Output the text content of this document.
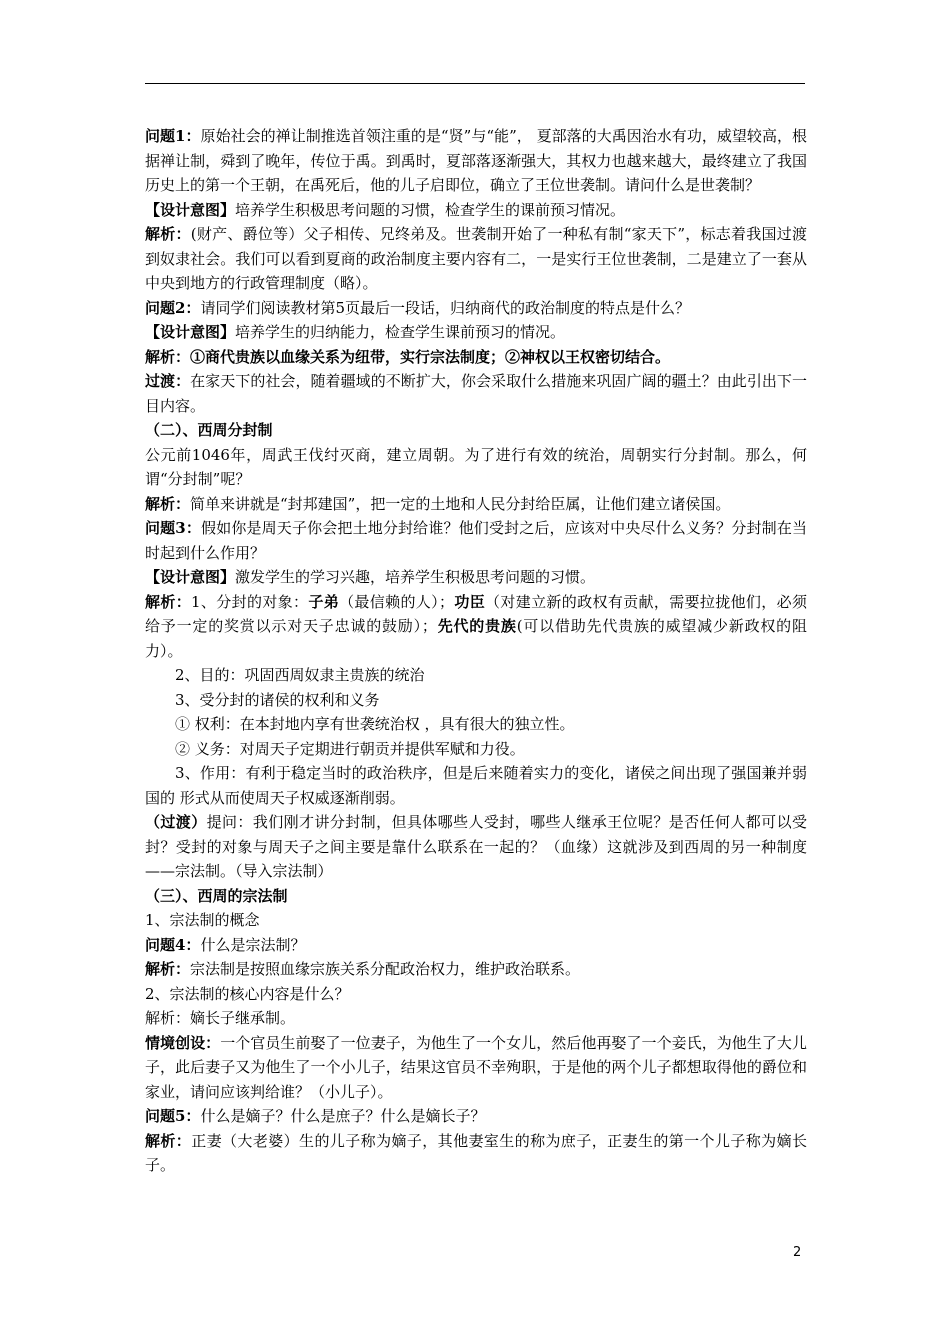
问题1：原始社会的禅让制推选首领注重的是“贤”与“能”， 夏部落的大禹因治水有功，威望较高，根据禅让制，舜到了晚年，传位于禹。到禹时，夏部落逐渐强大，其权力也越来越大，最终建立了我国历史上的第一个王朝，在禹死后，他的儿子启即位，确立了王位世袭制。请问什么是世袭制？

【设计意图】培养学生积极思考问题的习惯，检查学生的课前预习情况。

解析：(财产、爵位等）父子相传、兄终弟及。世袭制开始了一种私有制“家天下”，标志着我国过渡到奴隶社会。我们可以看到夏商的政治制度主要内容有二，一是实行王位世袭制，二是建立了一套从中央到地方的行政管理制度（略）。

问题2：请同学们阅读教材第5页最后一段话，归纳商代的政治制度的特点是什么？

【设计意图】培养学生的归纳能力，检查学生课前预习的情况。

解析：①商代贵族以血缘关系为纽带，实行宗法制度；②神权以王权密切结合。

过渡：在家天下的社会，随着疆域的不断扩大，你会采取什么措施来巩固广阔的疆土？由此引出下一目内容。

（二）、西周分封制

公元前1046年，周武王伐纣灭商，建立周朝。为了进行有效的统治，周朝实行分封制。那么，何谓“分封制”呢？

解析：简单来讲就是“封邦建国”，把一定的土地和人民分封给臣属，让他们建立诸侯国。

问题3：假如你是周天子你会把土地分封给谁？他们受封之后，应该对中央尽什么义务？分封制在当时起到什么作用？

【设计意图】激发学生的学习兴趣，培养学生积极思考问题的习惯。

解析：1、分封的对象：子弟（最信赖的人）；功臣（对建立新的政权有贡献，需要拉拢他们，必须给予一定的奖赏以示对天子忠诚的鼓励）；先代的贵族(可以借助先代贵族的威望减少新政权的阻力）。

2、目的：巩固西周奴隶主贵族的统治

3、受分封的诸侯的权利和义务

① 权利：在本封地内享有世袭统治权 ，具有很大的独立性。

② 义务：对周天子定期进行朝贡并提供军赋和力役。

3、作用：有利于稳定当时的政治秩序，但是后来随着实力的变化，诸侯之间出现了强国兼并弱国的 形式从而使周天子权威逐渐削弱。

（过渡）提问：我们刚才讲分封制，但具体哪些人受封，哪些人继承王位呢？是否任何人都可以受封？受封的对象与周天子之间主要是靠什么联系在一起的？（血缘）这就涉及到西周的另一种制度——宗法制。（导入宗法制）

（三）、西周的宗法制

1、宗法制的概念

问题4：什么是宗法制？

解析：宗法制是按照血缘宗族关系分配政治权力，维护政治联系。

2、宗法制的核心内容是什么？

解析：嫡长子继承制。

情境创设：一个官员生前娶了一位妻子，为他生了一个女儿，然后他再娶了一个妾氏，为他生了大儿子，此后妻子又为他生了一个小儿子，结果这官员不幸殉职，于是他的两个儿子都想取得他的爵位和家业，请问应该判给谁？（小儿子）。

问题5：什么是嫡子？什么是庶子？什么是嫡长子？

解析：正妻（大老婆）生的儿子称为嫡子，其他妻室生的称为庶子，正妻生的第一个儿子称为嫡长子。

2
